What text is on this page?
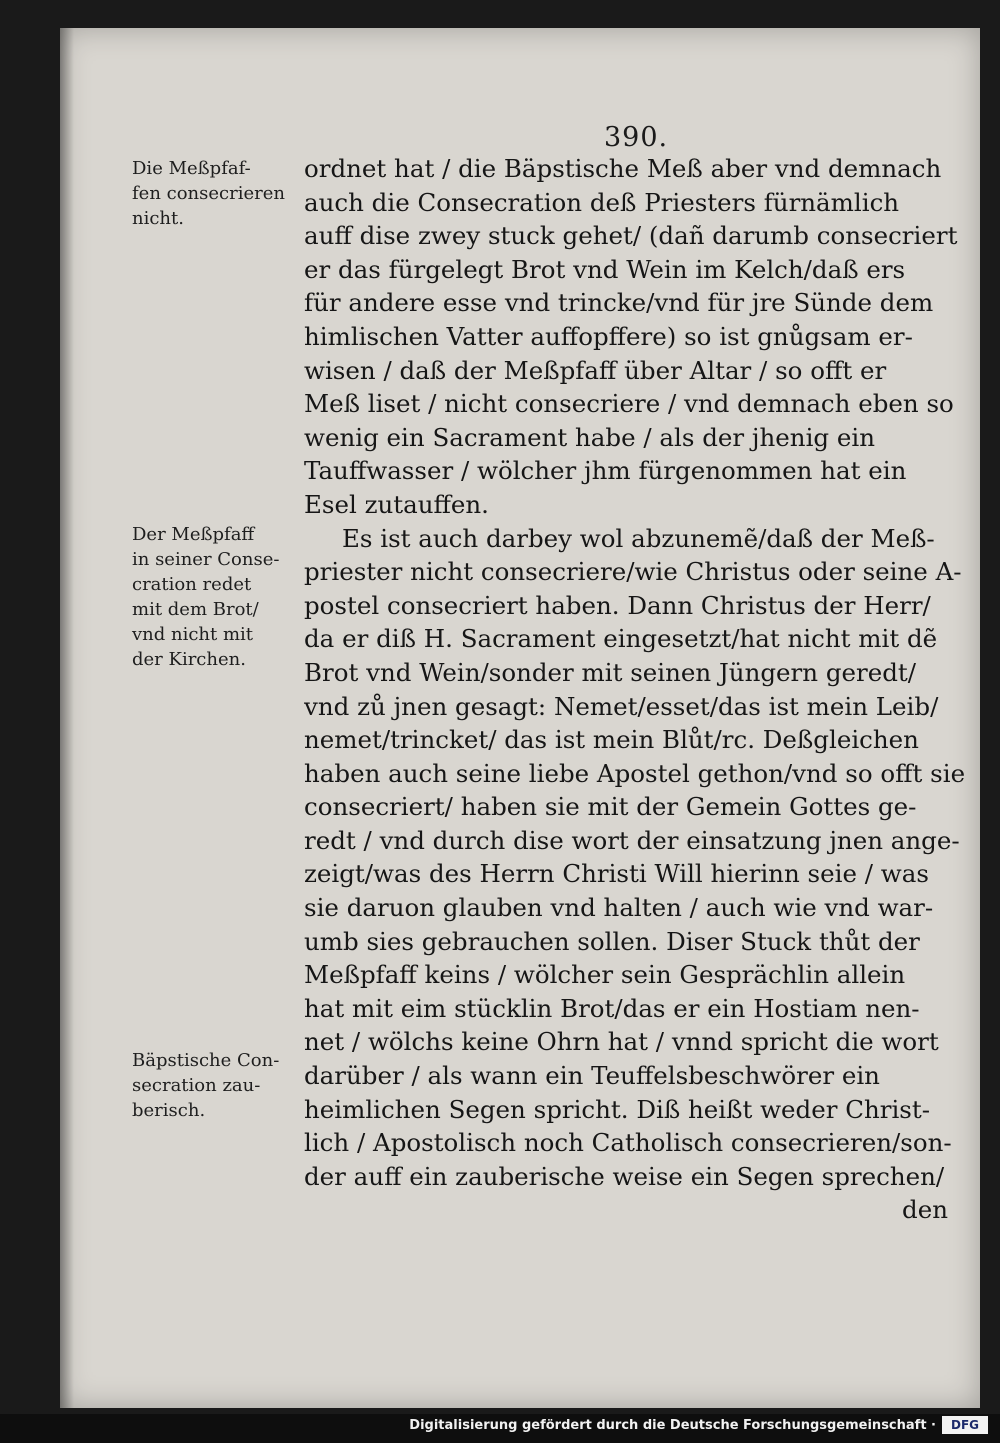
390.
Die Meßpfaf-
fen consecrieren
nicht.
Der Meßpfaff
in seiner Conse-
cration redet
mit dem Brot/
vnd nicht mit
der Kirchen.
Bäpstische Con-
secration zau-
berisch.
ordnet hat / die Bäpstische Meß aber vnd demnach
auch die Consecration deß Priesters fürnämlich
auff dise zwey stuck gehet/ (dañ darumb consecriert
er das fürgelegt Brot vnd Wein im Kelch/daß ers
für andere esse vnd trincke/vnd für jre Sünde dem
himlischen Vatter auffopffere) so ist gnůgsam er-
wisen / daß der Meßpfaff über Altar / so offt er
Meß liset / nicht consecriere / vnd demnach eben so
wenig ein Sacrament habe / als der jhenig ein
Tauffwasser / wölcher jhm fürgenommen hat ein
Esel zutauffen.
Es ist auch darbey wol abzunemẽ/daß der Meß-
priester nicht consecriere/wie Christus oder seine A-
postel consecriert haben. Dann Christus der Herr/
da er diß H. Sacrament eingesetzt/hat nicht mit dẽ
Brot vnd Wein/sonder mit seinen Jüngern geredt/
vnd zů jnen gesagt: Nemet/esset/das ist mein Leib/
nemet/trincket/ das ist mein Blůt/rc. Deßgleichen
haben auch seine liebe Apostel gethon/vnd so offt sie
consecriert/ haben sie mit der Gemein Gottes ge-
redt / vnd durch dise wort der einsatzung jnen ange-
zeigt/was des Herrn Christi Will hierinn seie / was
sie daruon glauben vnd halten / auch wie vnd war-
umb sies gebrauchen sollen. Diser Stuck thůt der
Meßpfaff keins / wölcher sein Gesprächlin allein
hat mit eim stücklin Brot/das er ein Hostiam nen-
net / wölchs keine Ohrn hat / vnnd spricht die wort
darüber / als wann ein Teuffelsbeschwörer ein
heimlichen Segen spricht. Diß heißt weder Christ-
lich / Apostolisch noch Catholisch consecrieren/son-
der auff ein zauberische weise ein Segen sprechen/
den
Digitalisierung gefördert durch die Deutsche Forschungsgemeinschaft ·	DFG
